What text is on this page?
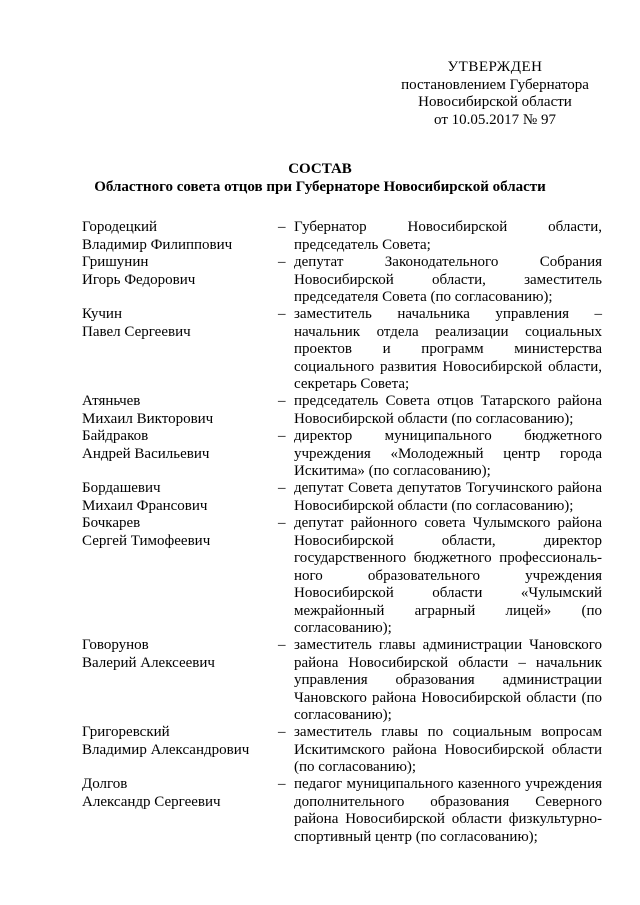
УТВЕРЖДЕН
постановлением Губернатора
Новосибирской области
от 10.05.2017 № 97
СОСТАВ
Областного совета отцов при Губернаторе Новосибирской области
Городецкий
Владимир Филиппович
– Губернатор Новосибирской области, председатель Совета;
Гришунин
Игорь Федорович
– депутат Законодательного Собрания Новосибирской области, заместитель председателя Совета (по согласованию);
Кучин
Павел Сергеевич
– заместитель начальника управления – начальник отдела реализации социальных проектов и программ министерства социального развития Новосибирской области, секретарь Совета;
Атяньчев
Михаил Викторович
– председатель Совета отцов Татарского района Новосибирской области (по согласованию);
Байдраков
Андрей Васильевич
– директор муниципального бюджетного учреждения «Молодежный центр города Искитима» (по согласованию);
Бордашевич
Михаил Франсович
– депутат Совета депутатов Тогучинского района Новосибирской области (по согласованию);
Бочкарев
Сергей Тимофеевич
– депутат районного совета Чулымского района Новосибирской области, директор государственного бюджетного профессиональ-ного образовательного учреждения Новосибирской области «Чулымский межрайонный аграрный лицей» (по согласованию);
Говорунов
Валерий Алексеевич
– заместитель главы администрации Чановского района Новосибирской области – начальник управления образования администрации Чановского района Новосибирской области (по согласованию);
Григоревский
Владимир Александрович
– заместитель главы по социальным вопросам Искитимского района Новосибирской области (по согласованию);
Долгов
Александр Сергеевич
– педагог муниципального казенного учреждения дополнительного образования Северного района Новосибирской области физкультурно-спортивный центр (по согласованию);
